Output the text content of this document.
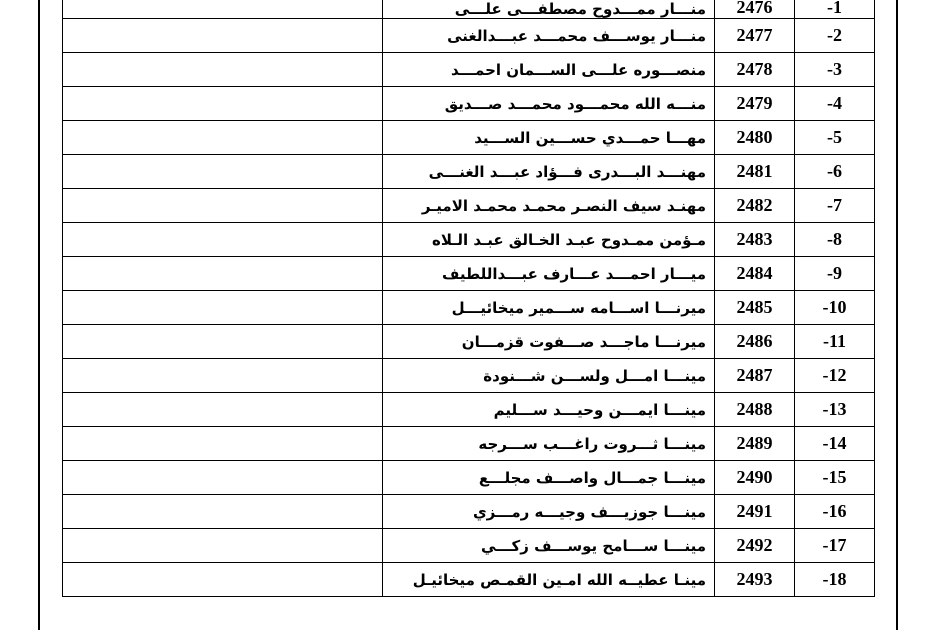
	منـــار ممـــدوح مصطفـــى علـــى	2476	-1
	منـــار يوســـف محمـــد عبـــدالغنى	2477	-2
	منصـــوره علـــى الســـمان احمـــد	2478	-3
	منـــه الله محمـــود محمـــد صـــديق	2479	-4
	مهـــا حمـــدي حســـين الســـيد	2480	-5
	مهنـــد البـــدرى فـــؤاد عبـــد الغنـــى	2481	-6
	مهنـد سيف النصـر محمـد محمـد الاميـر	2482	-7
	مـؤمن ممـدوح عبـد الخـالق عبـد الـلاه	2483	-8
	ميـــار احمـــد عـــارف عبـــداللطيف	2484	-9
	ميرنـــا اســـامه ســـمير ميخائيـــل	2485	-10
	ميرنـــا ماجـــد صـــفوت قزمـــان	2486	-11
	مينـــا امـــل ولســـن شـــنودة	2487	-12
	مينـــا ايمـــن وحيـــد ســـليم	2488	-13
	مينـــا ثـــروت راغـــب ســـرجه	2489	-14
	مينـــا جمـــال واصـــف مجلـــع	2490	-15
	مينـــا جوزيـــف وجيـــه رمـــزي	2491	-16
	مينـــا ســـامح يوســـف زكـــي	2492	-17
	مينـا عطيــه الله امـين القمـص ميخائيـل	2493	-18
